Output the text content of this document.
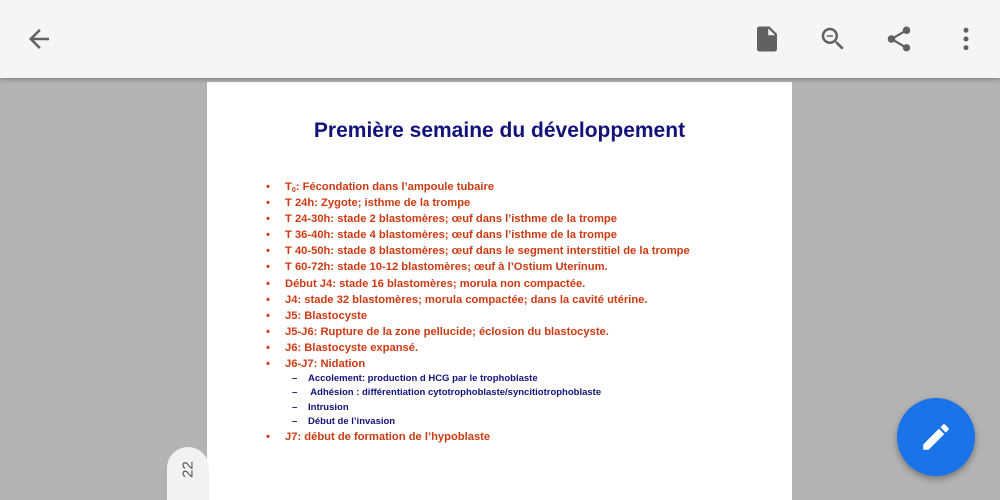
Première semaine du développement
• $T_0$: Fécondation dans l’ampoule tubaire
• T 24h: Zygote; isthme de la trompe
• T 24-30h: stade 2 blastomères; œuf dans l’isthme de la trompe
• T 36-40h: stade 4 blastomères; œuf dans l’isthme de la trompe
• T 40-50h: stade 8 blastomères; œuf dans le segment interstitiel de la trompe
• T 60-72h: stade 10-12 blastomères; œuf à l’Ostium Uterinum.
• Début J4: stade 16 blastomères; morula non compactée.
• J4: stade 32 blastomères; morula compactée; dans la cavité utérine.
• J5: Blastocyste
• J5-J6: Rupture de la zone pellucide; éclosion du blastocyste.
• J6: Blastocyste expansé.
• J6-J7: Nidation
– Accolement: production d HCG par le trophoblaste
– Adhésion : différentiation cytotrophoblaste/syncitiotrophoblaste
– Intrusion
– Début de l’invasion
• J7: début de formation de l’hypoblaste
22
